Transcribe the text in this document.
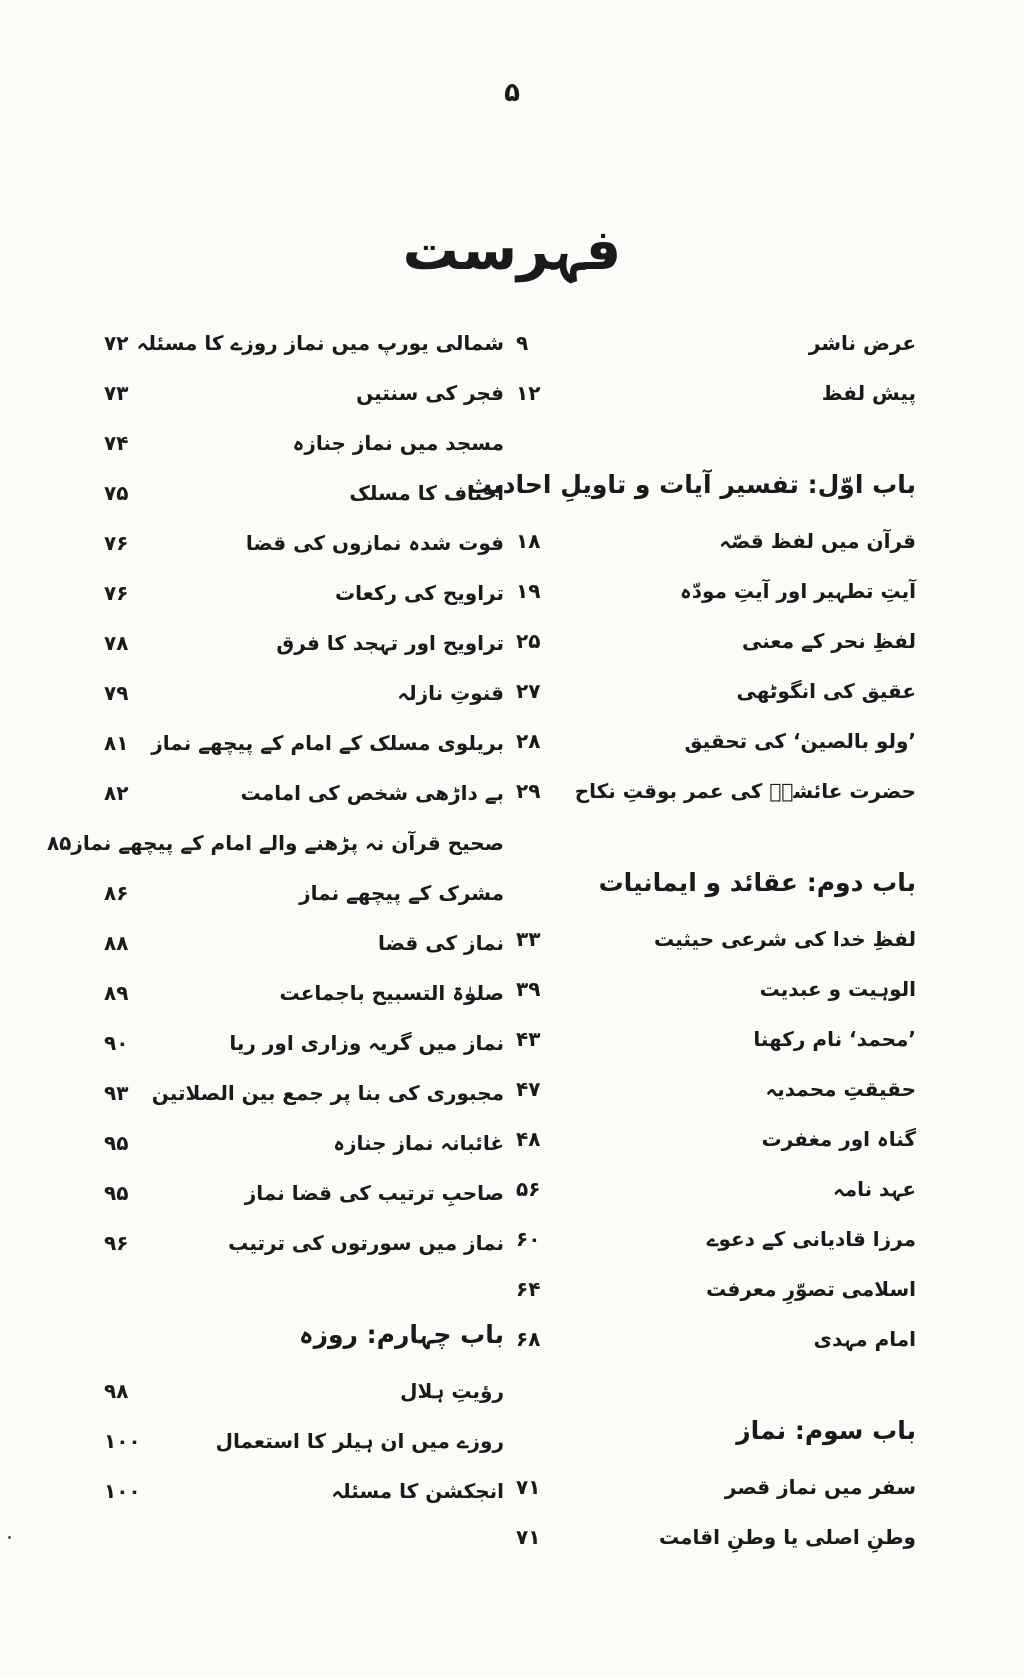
۵
فہرست
عرض ناشر
۹
پیش لفظ
۱۲
باب اوّل: تفسیر آیات و تاویلِ احادیث
قرآن میں لفظ قصّہ
۱۸
آیتِ تطہیر اور آیتِ مودّہ
۱۹
لفظِ نحر کے معنی
۲۵
عقیق کی انگوٹھی
۲۷
’ولو بالصین‘ کی تحقیق
۲۸
حضرت عائشہؓ کی عمر بوقتِ نکاح
۲۹
باب دوم: عقائد و ایمانیات
لفظِ خدا کی شرعی حیثیت
۳۳
الوہیت و عبدیت
۳۹
’محمد‘ نام رکھنا
۴۳
حقیقتِ محمدیہ
۴۷
گناہ اور مغفرت
۴۸
عہد نامہ
۵۶
مرزا قادیانی کے دعوے
۶۰
اسلامی تصوّرِ معرفت
۶۴
امام مہدی
۶۸
باب سوم: نماز
سفر میں نماز قصر
۷۱
وطنِ اصلی یا وطنِ اقامت
۷۱
شمالی یورپ میں نماز روزے کا مسئلہ
۷۲
فجر کی سنتیں
۷۳
مسجد میں نماز جنازہ
۷۴
احناف کا مسلک
۷۵
فوت شدہ نمازوں کی قضا
۷۶
تراویح کی رکعات
۷۶
تراویح اور تہجد کا فرق
۷۸
قنوتِ نازلہ
۷۹
بریلوی مسلک کے امام کے پیچھے نماز
۸۱
بے داڑھی شخص کی امامت
۸۲
صحیح قرآن نہ پڑھنے والے امام کے پیچھے نماز
۸۵
مشرک کے پیچھے نماز
۸۶
نماز کی قضا
۸۸
صلوٰۃ التسبیح باجماعت
۸۹
نماز میں گریہ وزاری اور ریا
۹۰
مجبوری کی بنا پر جمع بین الصلاتین
۹۳
غائبانہ نماز جنازہ
۹۵
صاحبِ ترتیب کی قضا نماز
۹۵
نماز میں سورتوں کی ترتیب
۹۶
باب چہارم: روزہ
رؤیتِ ہلال
۹۸
روزے میں ان ہیلر کا استعمال
۱۰۰
انجکشن کا مسئلہ
۱۰۰
